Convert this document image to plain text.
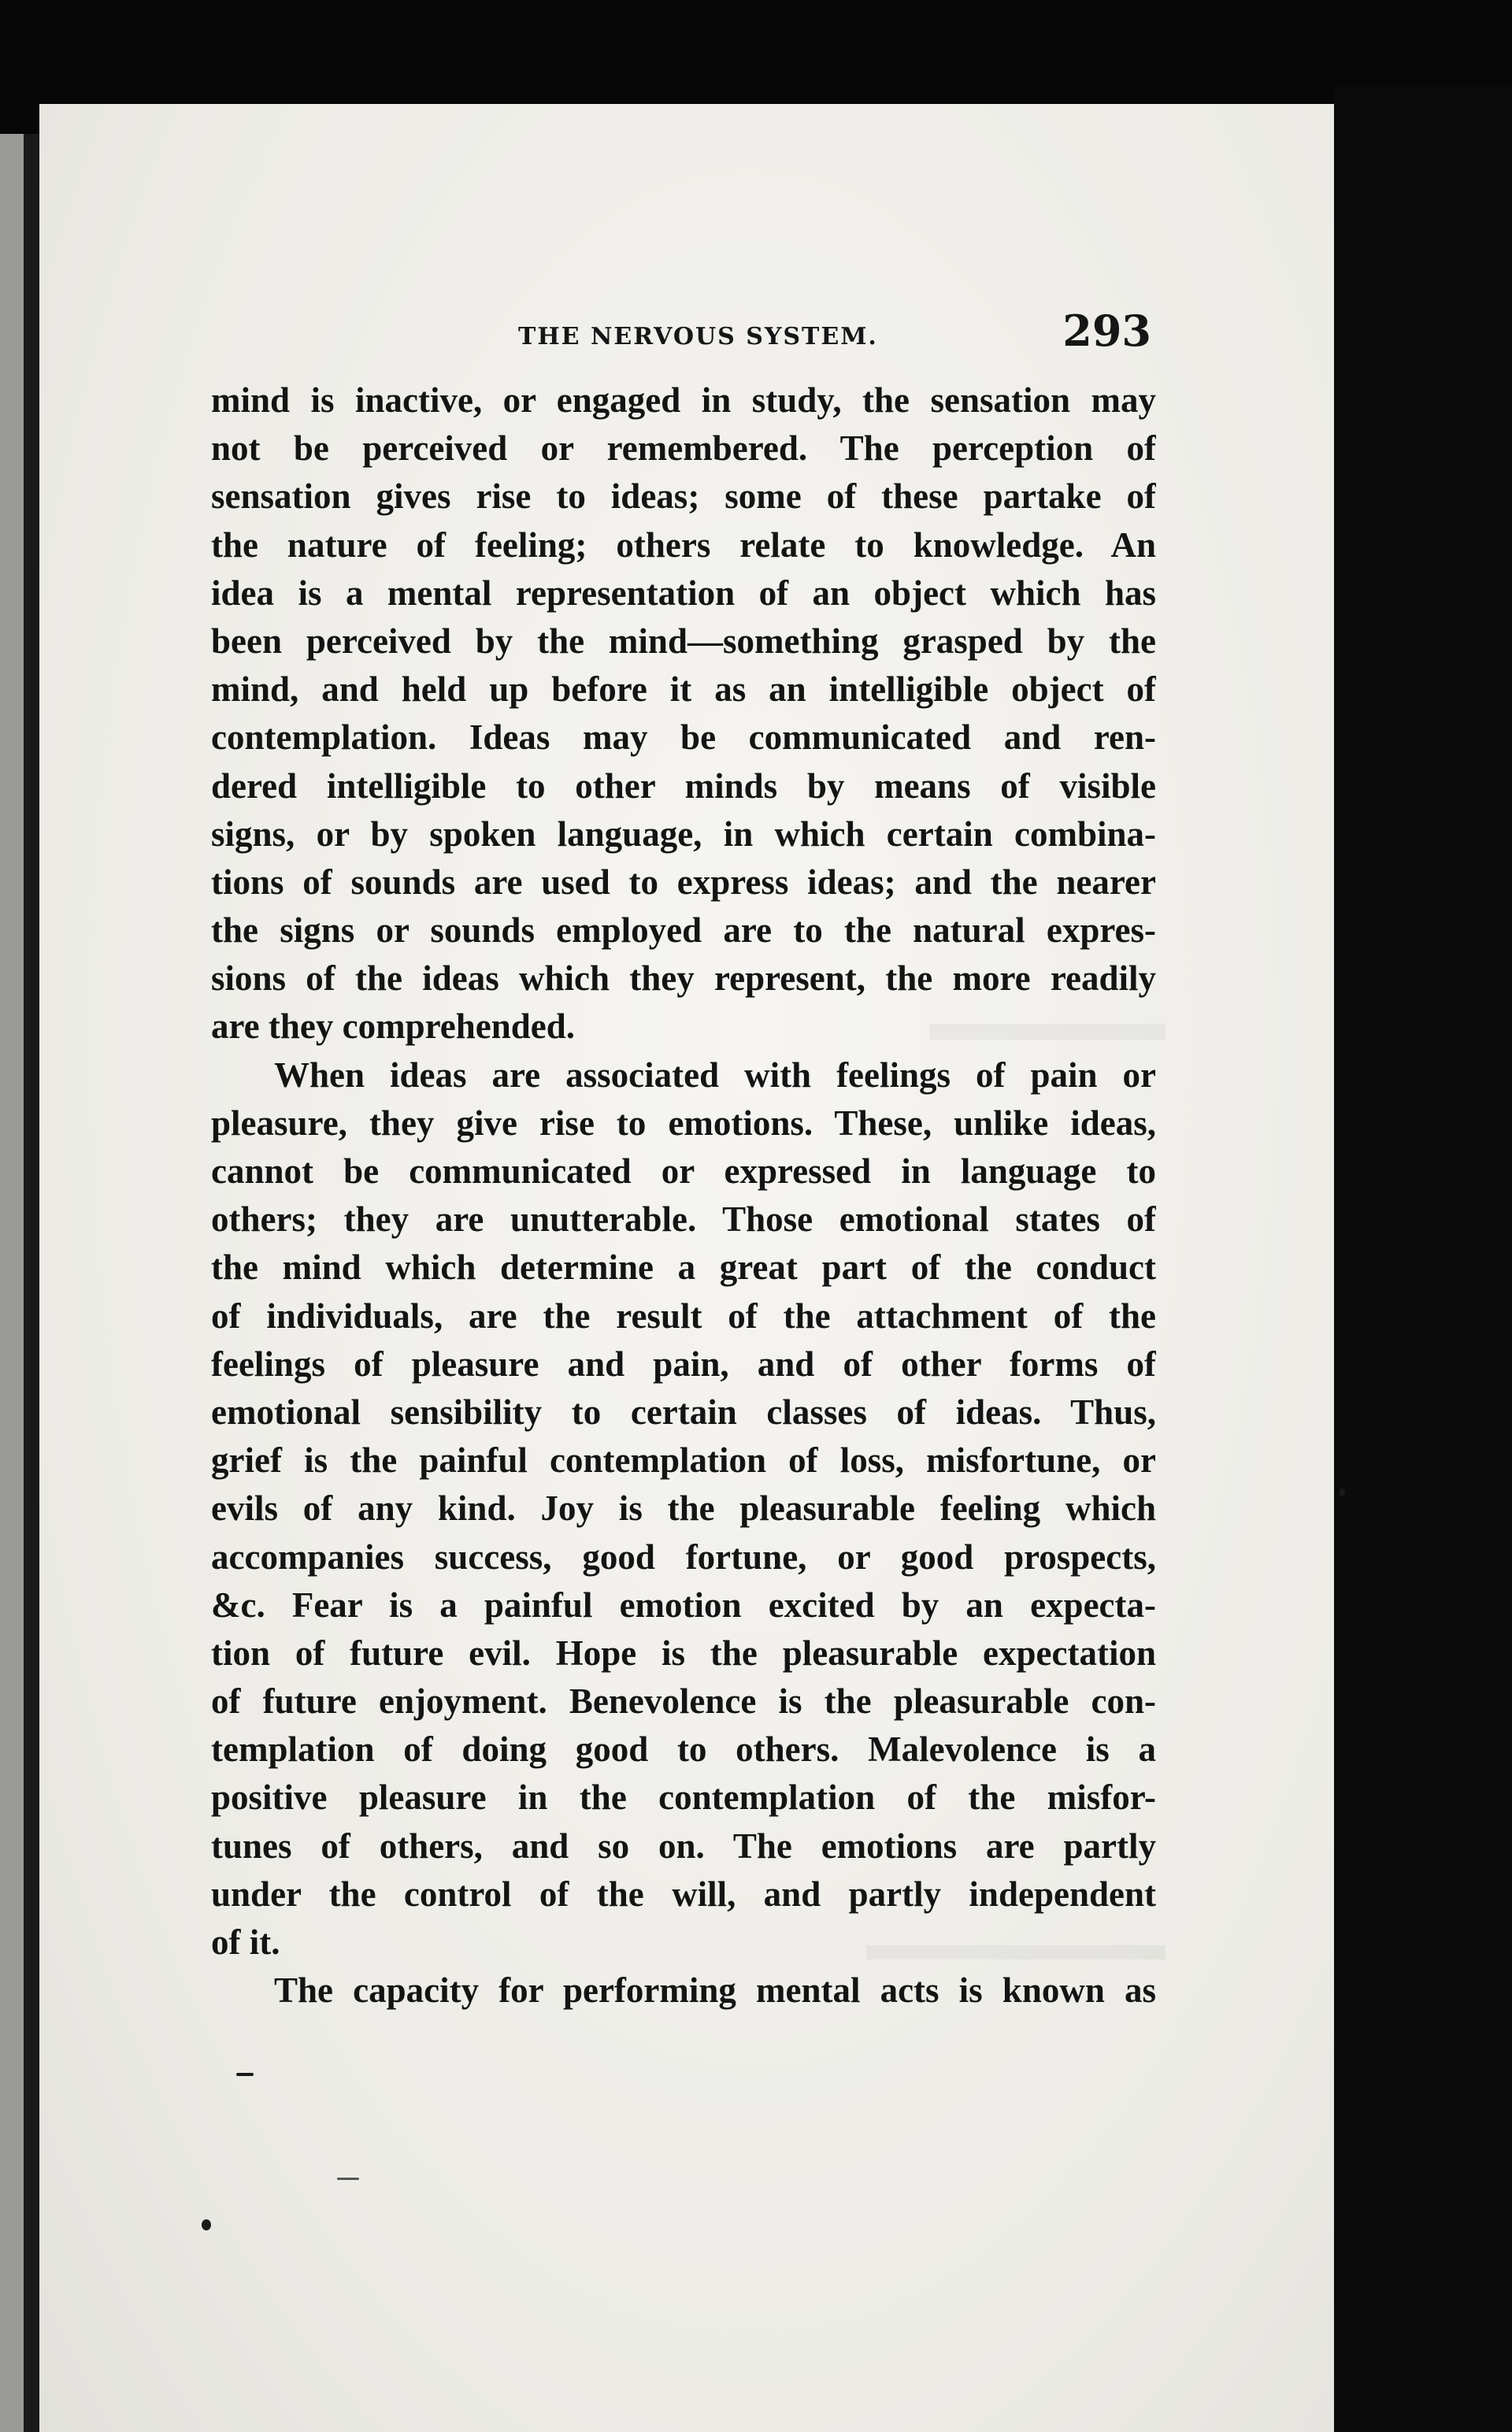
THE NERVOUS SYSTEM.	293
mind is inactive, or engaged in study, the sensation may
not be perceived or remembered. The perception of
sensation gives rise to ideas; some of these partake of
the nature of feeling; others relate to knowledge. An
idea is a mental representation of an object which has
been perceived by the mind—something grasped by the
mind, and held up before it as an intelligible object of
contemplation. Ideas may be communicated and ren-
dered intelligible to other minds by means of visible
signs, or by spoken language, in which certain combina-
tions of sounds are used to express ideas; and the nearer
the signs or sounds employed are to the natural expres-
sions of the ideas which they represent, the more readily
are they comprehended.
When ideas are associated with feelings of pain or
pleasure, they give rise to emotions. These, unlike ideas,
cannot be communicated or expressed in language to
others; they are unutterable. Those emotional states of
the mind which determine a great part of the conduct
of individuals, are the result of the attachment of the
feelings of pleasure and pain, and of other forms of
emotional sensibility to certain classes of ideas. Thus,
grief is the painful contemplation of loss, misfortune, or
evils of any kind. Joy is the pleasurable feeling which
accompanies success, good fortune, or good prospects,
&c. Fear is a painful emotion excited by an expecta-
tion of future evil. Hope is the pleasurable expectation
of future enjoyment. Benevolence is the pleasurable con-
templation of doing good to others. Malevolence is a
positive pleasure in the contemplation of the misfor-
tunes of others, and so on. The emotions are partly
under the control of the will, and partly independent
of it.
The capacity for performing mental acts is known as
